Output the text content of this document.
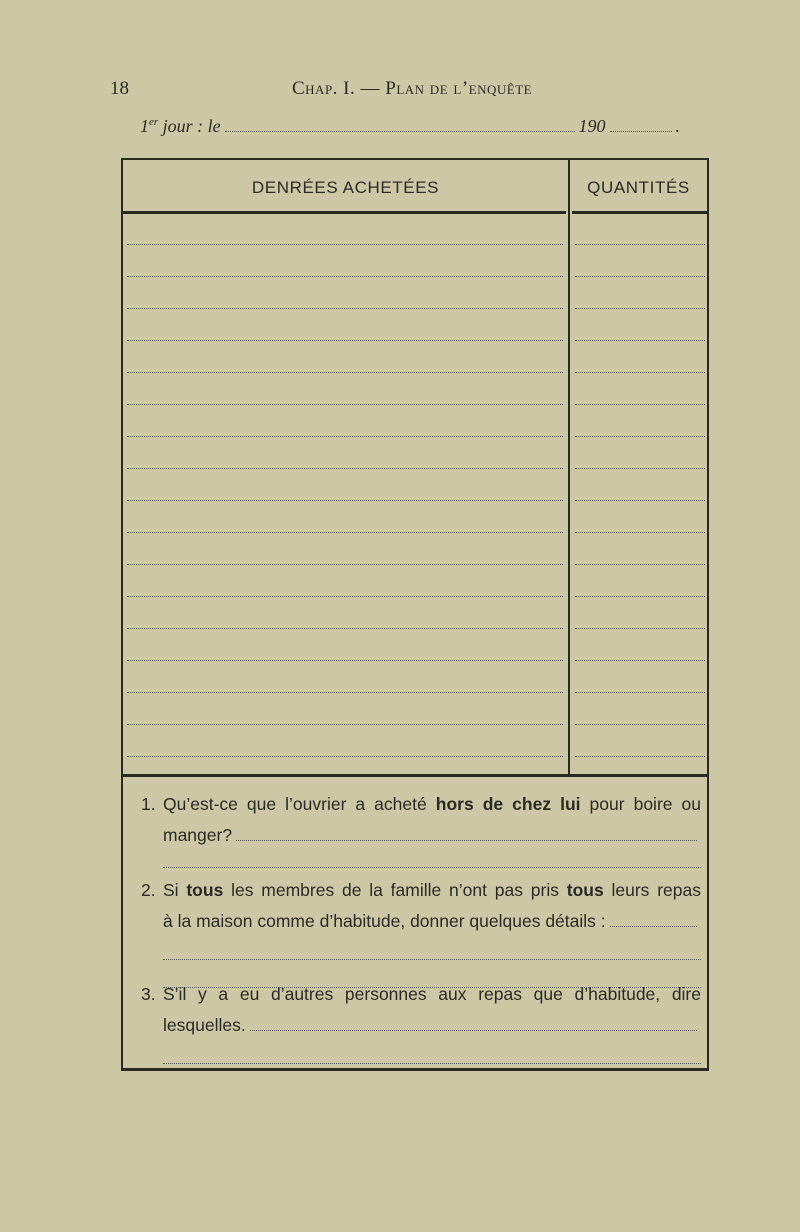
18	Chap. I. — Plan de l’enquête
1er
jour : le	190	.
DENRÉES ACHETÉES	QUANTITÉS
1. Qu’est-ce que l’ouvrier a acheté hors de chez lui pour boire ou
manger?
2. Si tous les membres de la famille n’ont pas pris tous leurs repas
à la maison comme d’habitude, donner quelques détails :
3. S’il y a eu d’autres personnes aux repas que d’habitude, dire
lesquelles.
